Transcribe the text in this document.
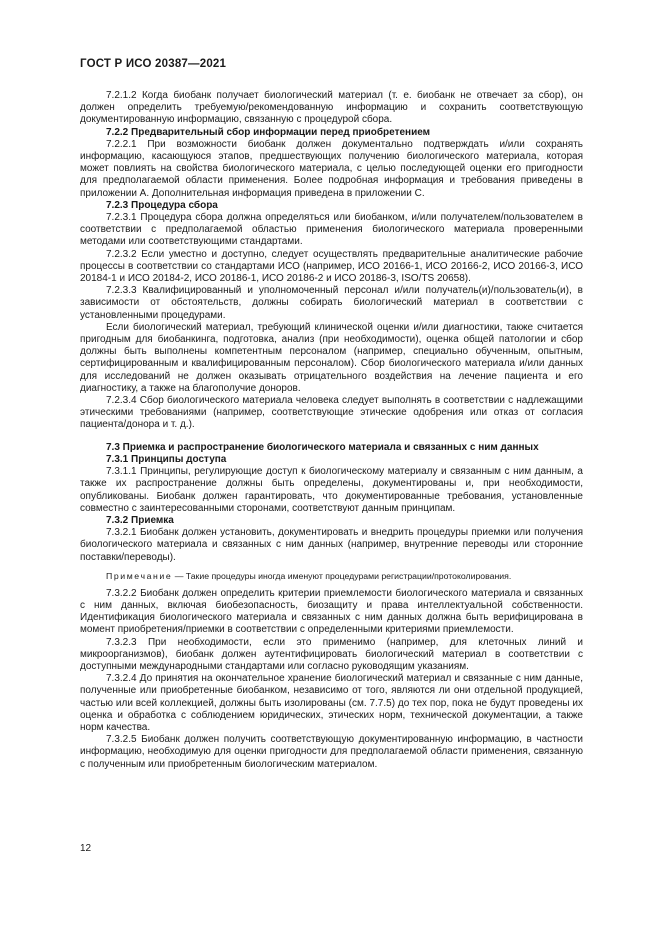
ГОСТ Р ИСО 20387—2021

7.2.1.2 Когда биобанк получает биологический материал (т. е. биобанк не отвечает за сбор), он должен определить требуемую/рекомендованную информацию и сохранить соответствующую документированную информацию, связанную с процедурой сбора.

7.2.2 Предварительный сбор информации перед приобретением

7.2.2.1 При возможности биобанк должен документально подтверждать и/или сохранять информацию, касающуюся этапов, предшествующих получению биологического материала, которая может повлиять на свойства биологического материала, с целью последующей оценки его пригодности для предполагаемой области применения. Более подробная информация и требования приведены в приложении А. Дополнительная информация приведена в приложении С.

7.2.3 Процедура сбора

7.2.3.1 Процедура сбора должна определяться или биобанком, и/или получателем/пользователем в соответствии с предполагаемой областью применения биологического материала проверенными методами или соответствующими стандартами.

7.2.3.2 Если уместно и доступно, следует осуществлять предварительные аналитические рабочие процессы в соответствии со стандартами ИСО (например, ИСО 20166-1, ИСО 20166-2, ИСО 20166-3, ИСО 20184-1 и ИСО 20184-2, ИСО 20186-1, ИСО 20186-2 и ИСО 20186-3, ISO/TS 20658).

7.2.3.3 Квалифицированный и уполномоченный персонал и/или получатель(и)/пользователь(и), в зависимости от обстоятельств, должны собирать биологический материал в соответствии с установленными процедурами.

Если биологический материал, требующий клинической оценки и/или диагностики, также считается пригодным для биобанкинга, подготовка, анализ (при необходимости), оценка общей патологии и сбор должны быть выполнены компетентным персоналом (например, специально обученным, опытным, сертифицированным и квалифицированным персоналом). Сбор биологического материала и/или данных для исследований не должен оказывать отрицательного воздействия на лечение пациента и его диагностику, а также на благополучие доноров.

7.2.3.4 Сбор биологического материала человека следует выполнять в соответствии с надлежащими этическими требованиями (например, соответствующие этические одобрения или отказ от согласия пациента/донора и т. д.).

7.3 Приемка и распространение биологического материала и связанных с ним данных

7.3.1 Принципы доступа

7.3.1.1 Принципы, регулирующие доступ к биологическому материалу и связанным с ним данным, а также их распространение должны быть определены, документированы и, при необходимости, опубликованы. Биобанк должен гарантировать, что документированные требования, установленные совместно с заинтересованными сторонами, соответствуют данным принципам.

7.3.2 Приемка

7.3.2.1 Биобанк должен установить, документировать и внедрить процедуры приемки или получения биологического материала и связанных с ним данных (например, внутренние переводы или сторонние поставки/переводы).

Примечание — Такие процедуры иногда именуют процедурами регистрации/протоколирования.

7.3.2.2 Биобанк должен определить критерии приемлемости биологического материала и связанных с ним данных, включая биобезопасность, биозащиту и права интеллектуальной собственности. Идентификация биологического материала и связанных с ним данных должна быть верифицирована в момент приобретения/приемки в соответствии с определенными критериями приемлемости.

7.3.2.3 При необходимости, если это применимо (например, для клеточных линий и микроорганизмов), биобанк должен аутентифицировать биологический материал в соответствии с доступными международными стандартами или согласно руководящим указаниям.

7.3.2.4 До принятия на окончательное хранение биологический материал и связанные с ним данные, полученные или приобретенные биобанком, независимо от того, являются ли они отдельной продукцией, частью или всей коллекцией, должны быть изолированы (см. 7.7.5) до тех пор, пока не будут проведены их оценка и обработка с соблюдением юридических, этических норм, технической документации, а также норм качества.

7.3.2.5 Биобанк должен получить соответствующую документированную информацию, в частности информацию, необходимую для оценки пригодности для предполагаемой области применения, связанную с полученным или приобретенным биологическим материалом.

12
